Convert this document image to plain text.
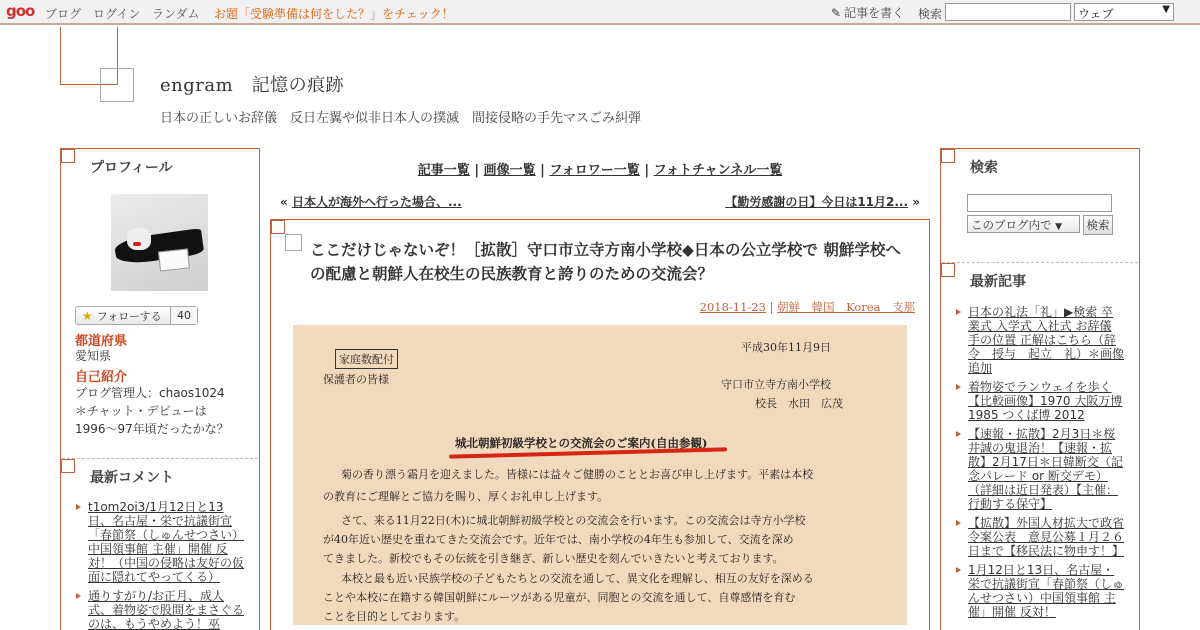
goo ブログ ログイン ランダム お題「受験準備は何をした？」をチェック！	✎ 記事を書く 検索	ウェブ	▼
engram　記憶の痕跡
日本の正しいお辞儀　反日左翼や似非日本人の撲滅　間接侵略の手先マスごみ糾弾
プロフィール
★ フォローする	40
都道府県
愛知県
自己紹介
ブログ管理人：chaos1024
＊チャット・デビューは
1996〜97年頃だったかな？
最新コメント
t1om2oi3/1月12日と13日、名古屋・栄で抗議街宣「春節祭（しゅんせつさい）中国領事館 主催」開催 反対！（中国の侵略は友好の仮面に隠れてやってくる）
通りすがり/お正月、成人式、着物姿で股間をまさぐるのは、もうやめよう！巫
記事一覧 | 画像一覧 | フォロワー一覧 | フォトチャンネル一覧
« 日本人が海外へ行った場合、...	【勤労感謝の日】今日は11月2... »
ここだけじゃないぞ！［拡散］守口市立寺方南小学校◆日本の公立学校で 朝鮮学校への配慮と朝鮮人在校生の民族教育と誇りのための交流会？
2018-11-23 | 朝鮮　韓国　Korea　支那
家庭数配付
保護者の皆様
平成30年11月9日
守口市立寺方南小学校
校長　水田　広茂
城北朝鮮初級学校との交流会のご案内(自由参観)
菊の香り漂う霜月を迎えました。皆様には益々ご健勝のこととお喜び申し上げます。平素は本校
の教育にご理解とご協力を賜り、厚くお礼申し上げます。
さて、来る11月22日(木)に城北朝鮮初級学校との交流会を行います。この交流会は寺方小学校
が40年近い歴史を重ねてきた交流会です。近年では、南小学校の4年生も参加して、交流を深め
てきました。新校でもその伝統を引き継ぎ、新しい歴史を刻んでいきたいと考えております。
本校と最も近い民族学校の子どもたちとの交流を通して、異文化を理解し、相互の友好を深める
ことや本校に在籍する韓国朝鮮にルーツがある児童が、同胞との交流を通して、自尊感情を育む
ことを目的としております。
検索
このブログ内で ▼	検索
最新記事
日本の礼法「礼」▶検索 卒業式 入学式 入社式 お辞儀 手の位置 正解はこちら（辞令　授与　起立　礼）＊画像追加
着物姿でランウェイを歩く【比較画像】1970 大阪万博 1985 つくば博 2012
【速報・拡散】2月3日＊桜井誠の鬼退治！【速報・拡散】2月17日＊日韓断交（記念パレード or 断交デモ）（詳細は近日発表）【主催：行動する保守】
【拡散】外国人材拡大で政省令案公表　意見公募１月２６日まで【移民法に物申す！】
1月12日と13日、名古屋・栄で抗議街宣「春節祭（しゅんせつさい）中国領事館 主催」開催 反対！
